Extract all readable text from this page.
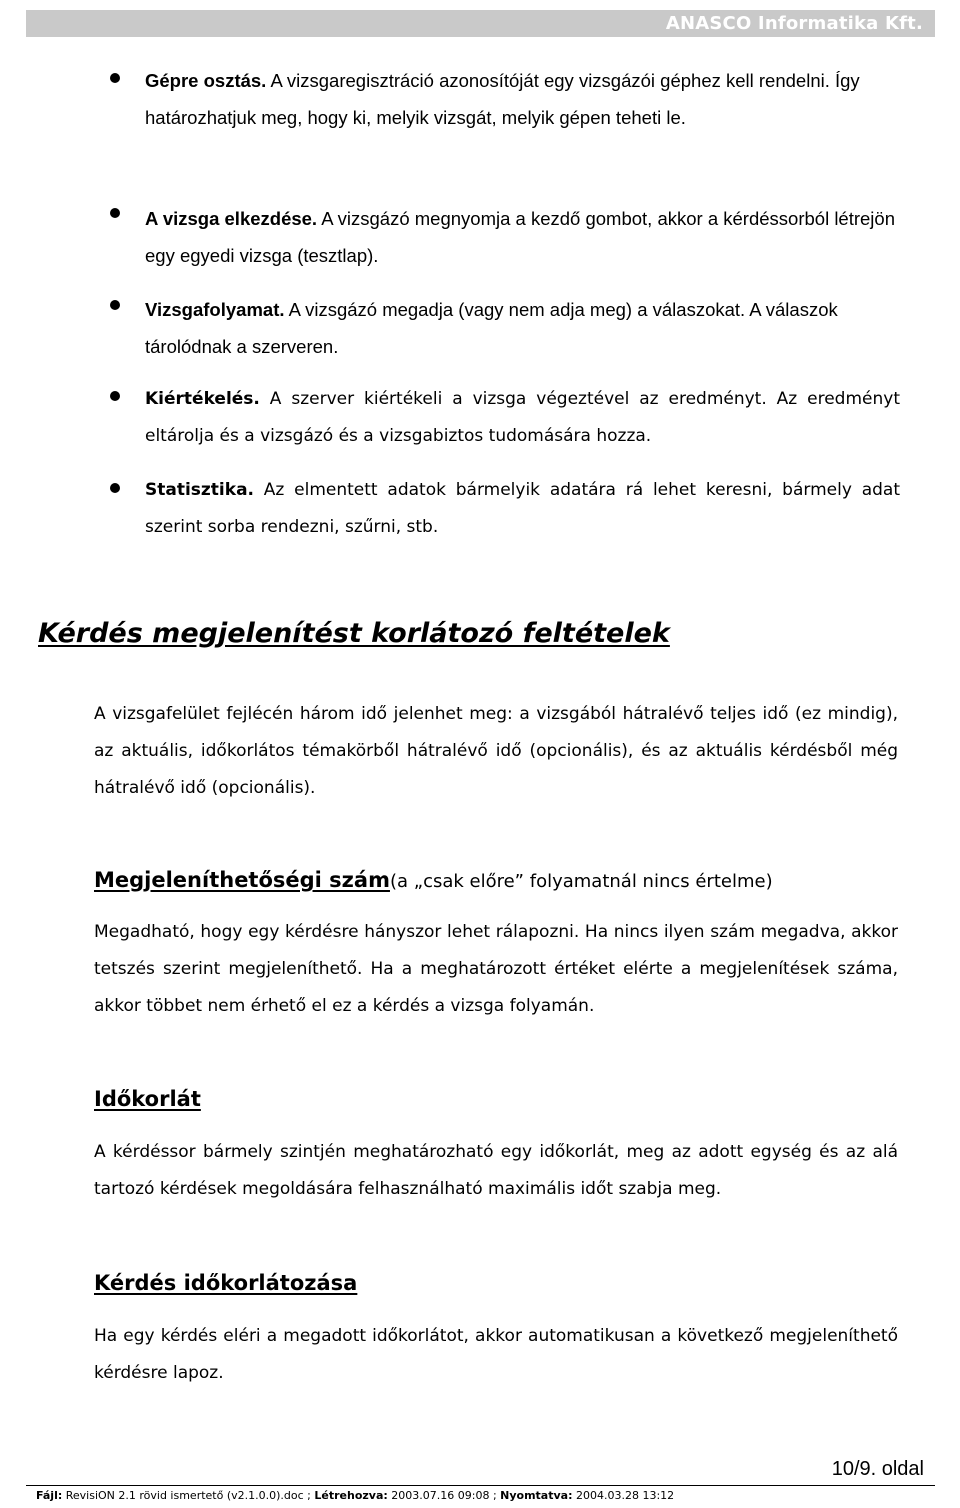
ANASCO Informatika Kft.
Gépre osztás. A vizsgaregisztráció azonosítóját egy vizsgázói géphez kell rendelni. Így határozhatjuk meg, hogy ki, melyik vizsgát, melyik gépen teheti le.
A vizsga elkezdése. A vizsgázó megnyomja a kezdő gombot, akkor a kérdéssorból létrejön egy egyedi vizsga (tesztlap).
Vizsgafolyamat. A vizsgázó megadja (vagy nem adja meg) a válaszokat. A válaszok tárolódnak a szerveren.
Kiértékelés. A szerver kiértékeli a vizsga végeztével az eredményt. Az eredményt eltárolja és a vizsgázó és a vizsgabiztos tudomására hozza.
Statisztika. Az elmentett adatok bármelyik adatára rá lehet keresni, bármely adat szerint sorba rendezni, szűrni, stb.
Kérdés megjelenítést korlátozó feltételek
A vizsgafelület fejlécén három idő jelenhet meg: a vizsgából hátralévő teljes idő (ez mindig), az aktuális, időkorlátos témakörből hátralévő idő (opcionális), és az aktuális kérdésből még hátralévő idő (opcionális).
Megjeleníthetőségi szám(a „csak előre” folyamatnál nincs értelme)
Megadható, hogy egy kérdésre hányszor lehet rálapozni. Ha nincs ilyen szám megadva, akkor tetszés szerint megjeleníthető. Ha a meghatározott értéket elérte a megjelenítések száma, akkor többet nem érhető el ez a kérdés a vizsga folyamán.
Időkorlát
A kérdéssor bármely szintjén meghatározható egy időkorlát, meg az adott egység és az alá tartozó kérdések megoldására felhasználható maximális időt szabja meg.
Kérdés időkorlátozása
Ha egy kérdés eléri a megadott időkorlátot, akkor automatikusan a következő megjeleníthető kérdésre lapoz.
10/9. oldal
Fájl: RevisiON 2.1 rövid ismertető (v2.1.0.0).doc ; Létrehozva: 2003.07.16 09:08 ; Nyomtatva: 2004.03.28 13:12
